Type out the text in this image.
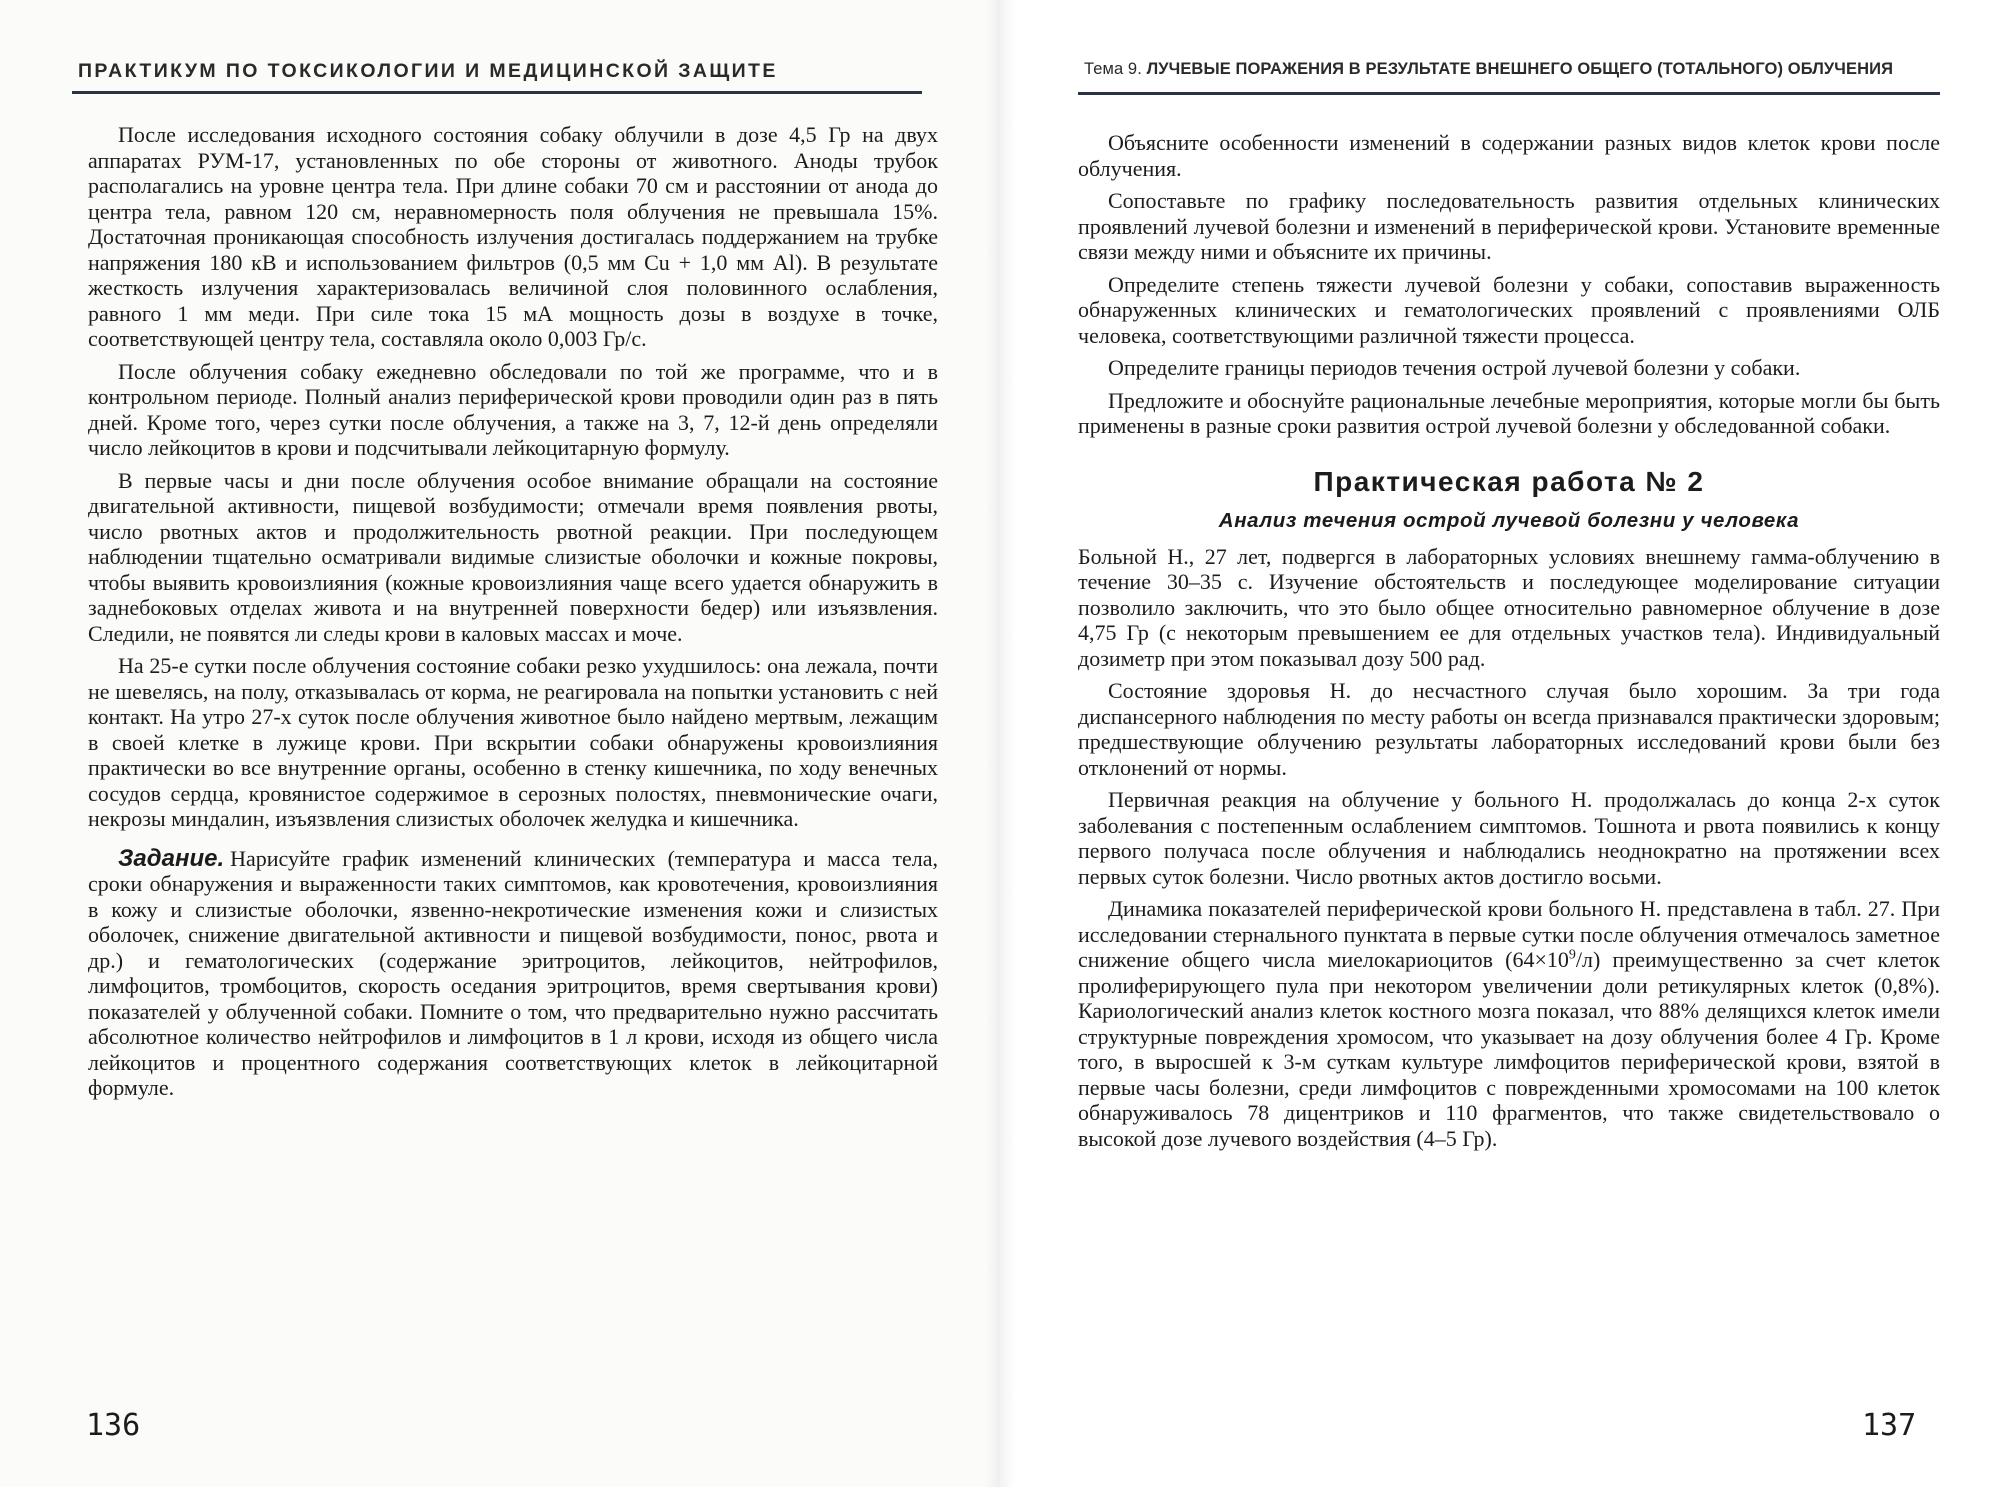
ПРАКТИКУМ ПО ТОКСИКОЛОГИИ И МЕДИЦИНСКОЙ ЗАЩИТЕ

После исследования исходного состояния собаку облучили в дозе 4,5 Гр на двух аппаратах РУМ-17, установленных по обе стороны от животного. Аноды трубок располагались на уровне центра тела. При длине собаки 70 см и расстоянии от анода до центра тела, равном 120 см, неравномерность поля облучения не превышала 15%. Достаточная проникающая способность излучения достигалась поддержанием на трубке напряжения 180 кВ и использованием фильтров (0,5 мм Cu + 1,0 мм Al). В результате жесткость излучения характеризовалась величиной слоя половинного ослабления, равного 1 мм меди. При силе тока 15 мА мощность дозы в воздухе в точке, соответствующей центру тела, составляла около 0,003 Гр/с.

После облучения собаку ежедневно обследовали по той же программе, что и в контрольном периоде. Полный анализ периферической крови проводили один раз в пять дней. Кроме того, через сутки после облучения, а также на 3, 7, 12-й день определяли число лейкоцитов в крови и подсчитывали лейкоцитарную формулу.

В первые часы и дни после облучения особое внимание обращали на состояние двигательной активности, пищевой возбудимости; отмечали время появления рвоты, число рвотных актов и продолжительность рвотной реакции. При последующем наблюдении тщательно осматривали видимые слизистые оболочки и кожные покровы, чтобы выявить кровоизлияния (кожные кровоизлияния чаще всего удается обнаружить в заднебоковых отделах живота и на внутренней поверхности бедер) или изъязвления. Следили, не появятся ли следы крови в каловых массах и моче.

На 25-е сутки после облучения состояние собаки резко ухудшилось: она лежала, почти не шевелясь, на полу, отказывалась от корма, не реагировала на попытки установить с ней контакт. На утро 27-х суток после облучения животное было найдено мертвым, лежащим в своей клетке в лужице крови. При вскрытии собаки обнаружены кровоизлияния практически во все внутренние органы, особенно в стенку кишечника, по ходу венечных сосудов сердца, кровянистое содержимое в серозных полостях, пневмонические очаги, некрозы миндалин, изъязвления слизистых оболочек желудка и кишечника.

Задание. Нарисуйте график изменений клинических (температура и масса тела, сроки обнаружения и выраженности таких симптомов, как кровотечения, кровоизлияния в кожу и слизистые оболочки, язвенно-некротические изменения кожи и слизистых оболочек, снижение двигательной активности и пищевой возбудимости, понос, рвота и др.) и гематологических (содержание эритроцитов, лейкоцитов, нейтрофилов, лимфоцитов, тромбоцитов, скорость оседания эритроцитов, время свертывания крови) показателей у облученной собаки. Помните о том, что предварительно нужно рассчитать абсолютное количество нейтрофилов и лимфоцитов в 1 л крови, исходя из общего числа лейкоцитов и процентного содержания соответствующих клеток в лейкоцитарной формуле.

136
Тема 9. ЛУЧЕВЫЕ ПОРАЖЕНИЯ В РЕЗУЛЬТАТЕ ВНЕШНЕГО ОБЩЕГО (ТОТАЛЬНОГО) ОБЛУЧЕНИЯ

Объясните особенности изменений в содержании разных видов клеток крови после облучения.

Сопоставьте по графику последовательность развития отдельных клинических проявлений лучевой болезни и изменений в периферической крови. Установите временные связи между ними и объясните их причины.

Определите степень тяжести лучевой болезни у собаки, сопоставив выраженность обнаруженных клинических и гематологических проявлений с проявлениями ОЛБ человека, соответствующими различной тяжести процесса.

Определите границы периодов течения острой лучевой болезни у собаки.

Предложите и обоснуйте рациональные лечебные мероприятия, которые могли бы быть применены в разные сроки развития острой лучевой болезни у обследованной собаки.

Практическая работа № 2
Анализ течения острой лучевой болезни у человека

Больной Н., 27 лет, подвергся в лабораторных условиях внешнему гамма-облучению в течение 30–35 с. Изучение обстоятельств и последующее моделирование ситуации позволило заключить, что это было общее относительно равномерное облучение в дозе 4,75 Гр (с некоторым превышением ее для отдельных участков тела). Индивидуальный дозиметр при этом показывал дозу 500 рад.

Состояние здоровья Н. до несчастного случая было хорошим. За три года диспансерного наблюдения по месту работы он всегда признавался практически здоровым; предшествующие облучению результаты лабораторных исследований крови были без отклонений от нормы.

Первичная реакция на облучение у больного Н. продолжалась до конца 2-х суток заболевания с постепенным ослаблением симптомов. Тошнота и рвота появились к концу первого получаса после облучения и наблюдались неоднократно на протяжении всех первых суток болезни. Число рвотных актов достигло восьми.

Динамика показателей периферической крови больного Н. представлена в табл. 27. При исследовании стернального пунктата в первые сутки после облучения отмечалось заметное снижение общего числа миелокариоцитов $(64\times 10^9/л)$ преимущественно за счет клеток пролиферирующего пула при некотором увеличении доли ретикулярных клеток (0,8%). Кариологический анализ клеток костного мозга показал, что 88% делящихся клеток имели структурные повреждения хромосом, что указывает на дозу облучения более 4 Гр. Кроме того, в выросшей к 3-м суткам культуре лимфоцитов периферической крови, взятой в первые часы болезни, среди лимфоцитов с поврежденными хромосомами на 100 клеток обнаруживалось 78 дицентриков и 110 фрагментов, что также свидетельствовало о высокой дозе лучевого воздействия (4–5 Гр).

137
